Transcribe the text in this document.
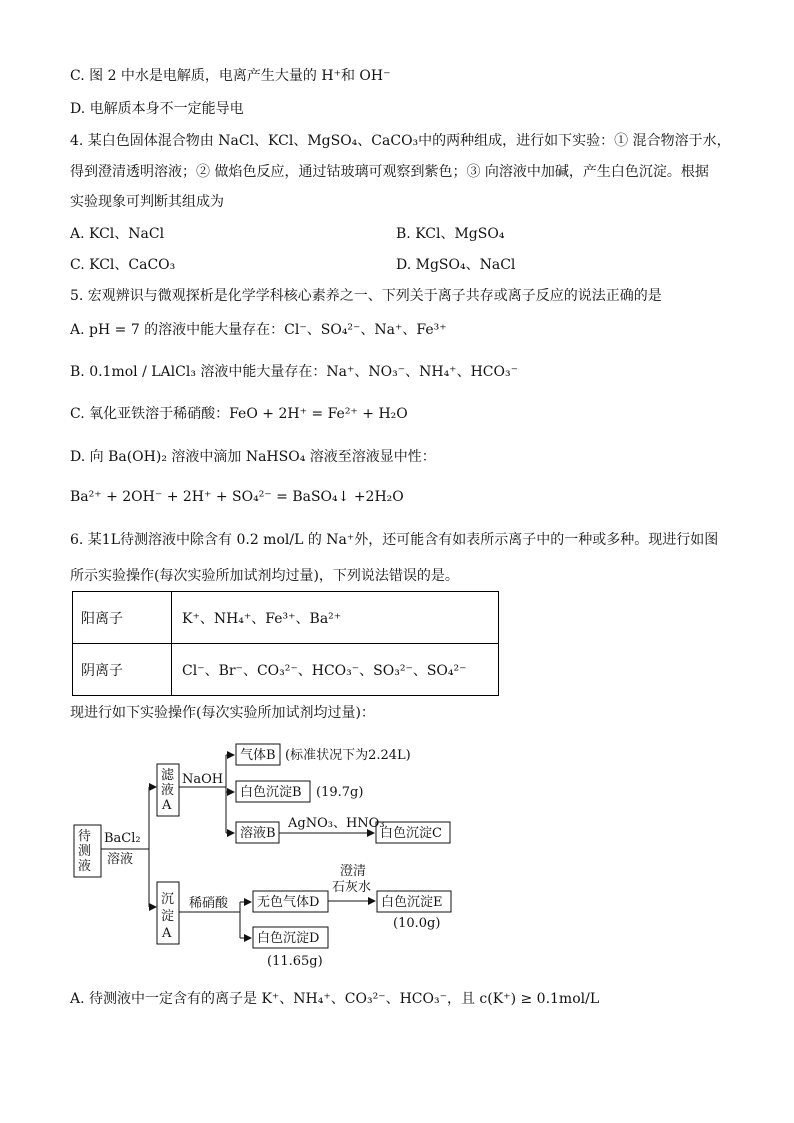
C. 图 2 中水是电解质，电离产生大量的 H⁺和 OH⁻
D. 电解质本身不一定能导电
4. 某白色固体混合物由 NaCl、KCl、MgSO₄、CaCO₃中的两种组成，进行如下实验：① 混合物溶于水，
得到澄清透明溶液；② 做焰色反应，通过钴玻璃可观察到紫色；③ 向溶液中加碱，产生白色沉淀。根据
实验现象可判断其组成为
A. KCl、NaCl	B. KCl、MgSO₄
C. KCl、CaCO₃	D. MgSO₄、NaCl
5. 宏观辨识与微观探析是化学学科核心素养之一、下列关于离子共存或离子反应的说法正确的是
A. pH = 7 的溶液中能大量存在：Cl⁻、SO₄²⁻、Na⁺、Fe³⁺
B. 0.1mol / LAlCl₃ 溶液中能大量存在：Na⁺、NO₃⁻、NH₄⁺、HCO₃⁻
C. 氧化亚铁溶于稀硝酸：FeO + 2H⁺ = Fe²⁺ + H₂O
D. 向 Ba(OH)₂ 溶液中滴加 NaHSO₄ 溶液至溶液显中性：
Ba²⁺ + 2OH⁻ + 2H⁺ + SO₄²⁻ = BaSO₄↓ +2H₂O
6. 某1L待测溶液中除含有 0.2 mol/L 的 Na⁺外，还可能含有如表所示离子中的一种或多种。现进行如图
所示实验操作(每次实验所加试剂均过量)，下列说法错误的是。
阳离子	K⁺、NH₄⁺、Fe³⁺、Ba²⁺
阴离子	Cl⁻、Br⁻、CO₃²⁻、HCO₃⁻、SO₃²⁻、SO₄²⁻
现进行如下实验操作(每次实验所加试剂均过量)：
待
测
液
BaCl₂
溶液
滤
液
A
NaOH
气体B (标准状况下为2.24L)
白色沉淀B (19.7g)
溶液B
AgNO₃、HNO₃
白色沉淀C
沉
淀
A
稀硝酸 无色气体D
澄清
石灰水
白色沉淀E
(10.0g)
白色沉淀D
(11.65g)
A. 待测液中一定含有的离子是 K⁺、NH₄⁺、CO₃²⁻、HCO₃⁻，且 c(K⁺) ≥ 0.1mol/L
